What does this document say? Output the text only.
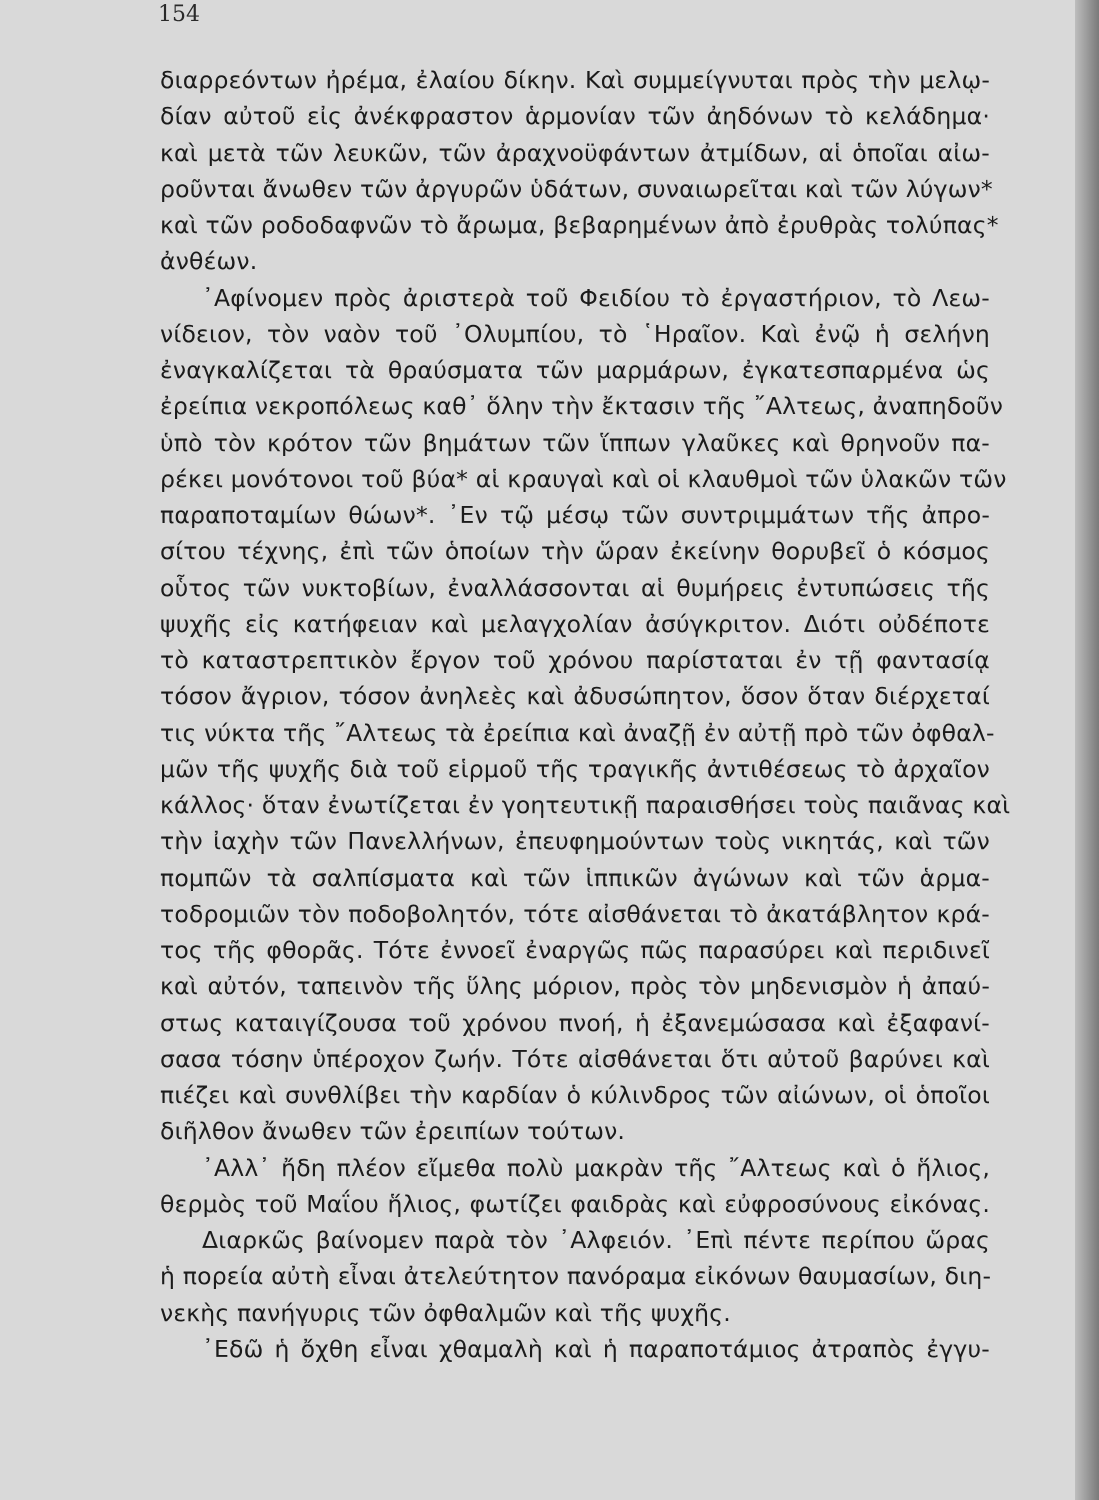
154
διαρρεόντων ἠρέμα, ἐλαίου δίκην. Καὶ συμμείγνυται πρὸς τὴν μελῳ-
δίαν αὐτοῦ εἰς ἀνέκφραστον ἁρμονίαν τῶν ἀηδόνων τὸ κελάδημα·
καὶ μετὰ τῶν λευκῶν, τῶν ἀραχνοϋφάντων ἀτμίδων, αἱ ὁποῖαι αἰω-
ροῦνται ἄνωθεν τῶν ἀργυρῶν ὑδάτων, συναιωρεῖται καὶ τῶν λύγων*
καὶ τῶν ροδοδαφνῶν τὸ ἄρωμα, βεβαρημένων ἀπὸ ἐρυθρὰς τολύπας*
ἀνθέων.
᾿Αφίνομεν πρὸς ἀριστερὰ τοῦ Φειδίου τὸ ἐργαστήριον, τὸ Λεω-
νίδειον, τὸν ναὸν τοῦ ᾿Ολυμπίου, τὸ ῾Ηραῖον. Καὶ ἐνῷ ἡ σελήνη
ἐναγκαλίζεται τὰ θραύσματα τῶν μαρμάρων, ἐγκατεσπαρμένα ὡς
ἐρείπια νεκροπόλεως καθ᾿ ὅλην τὴν ἔκτασιν τῆς ῎Αλτεως, ἀναπηδοῦν
ὑπὸ τὸν κρότον τῶν βημάτων τῶν ἵππων γλαῦκες καὶ θρηνοῦν πα-
ρέκει μονότονοι τοῦ βύα* αἱ κραυγαὶ καὶ οἱ κλαυθμοὶ τῶν ὑλακῶν τῶν
παραποταμίων θώων*. ᾿Εν τῷ μέσῳ τῶν συντριμμάτων τῆς ἀπρο-
σίτου τέχνης, ἐπὶ τῶν ὁποίων τὴν ὥραν ἐκείνην θορυβεῖ ὁ κόσμος
οὗτος τῶν νυκτοβίων, ἐναλλάσσονται αἱ θυμήρεις ἐντυπώσεις τῆς
ψυχῆς εἰς κατήφειαν καὶ μελαγχολίαν ἀσύγκριτον. Διότι οὐδέποτε
τὸ καταστρεπτικὸν ἔργον τοῦ χρόνου παρίσταται ἐν τῇ φαντασίᾳ
τόσον ἄγριον, τόσον ἀνηλεὲς καὶ ἀδυσώπητον, ὅσον ὅταν διέρχεταί
τις νύκτα τῆς ῎Αλτεως τὰ ἐρείπια καὶ ἀναζῇ ἐν αὐτῇ πρὸ τῶν ὀφθαλ-
μῶν τῆς ψυχῆς διὰ τοῦ εἱρμοῦ τῆς τραγικῆς ἀντιθέσεως τὸ ἀρχαῖον
κάλλος· ὅταν ἐνωτίζεται ἐν γοητευτικῇ παραισθήσει τοὺς παιᾶνας καὶ
τὴν ἰαχὴν τῶν Πανελλήνων, ἐπευφημούντων τοὺς νικητάς, καὶ τῶν
πομπῶν τὰ σαλπίσματα καὶ τῶν ἱππικῶν ἀγώνων καὶ τῶν ἁρμα-
τοδρομιῶν τὸν ποδοβολητόν, τότε αἰσθάνεται τὸ ἀκατάβλητον κρά-
τος τῆς φθορᾶς. Τότε ἐννοεῖ ἐναργῶς πῶς παρασύρει καὶ περιδινεῖ
καὶ αὐτόν, ταπεινὸν τῆς ὕλης μόριον, πρὸς τὸν μηδενισμὸν ἡ ἀπαύ-
στως καταιγίζουσα τοῦ χρόνου πνοή, ἡ ἐξανεμώσασα καὶ ἐξαφανί-
σασα τόσην ὑπέροχον ζωήν. Τότε αἰσθάνεται ὅτι αὐτοῦ βαρύνει καὶ
πιέζει καὶ συνθλίβει τὴν καρδίαν ὁ κύλινδρος τῶν αἰώνων, οἱ ὁποῖοι
διῆλθον ἄνωθεν τῶν ἐρειπίων τούτων.
᾿Αλλ᾿ ἤδη πλέον εἴμεθα πολὺ μακρὰν τῆς ῎Αλτεως καὶ ὁ ἥλιος,
θερμὸς τοῦ Μαΐου ἥλιος, φωτίζει φαιδρὰς καὶ εὐφροσύνους εἰκόνας.
Διαρκῶς βαίνομεν παρὰ τὸν ᾿Αλφειόν. ᾿Επὶ πέντε περίπου ὥρας
ἡ πορεία αὐτὴ εἶναι ἀτελεύτητον πανόραμα εἰκόνων θαυμασίων, διη-
νεκὴς πανήγυρις τῶν ὀφθαλμῶν καὶ τῆς ψυχῆς.
᾿Εδῶ ἡ ὄχθη εἶναι χθαμαλὴ καὶ ἡ παραποτάμιος ἀτραπὸς ἐγγυ-
